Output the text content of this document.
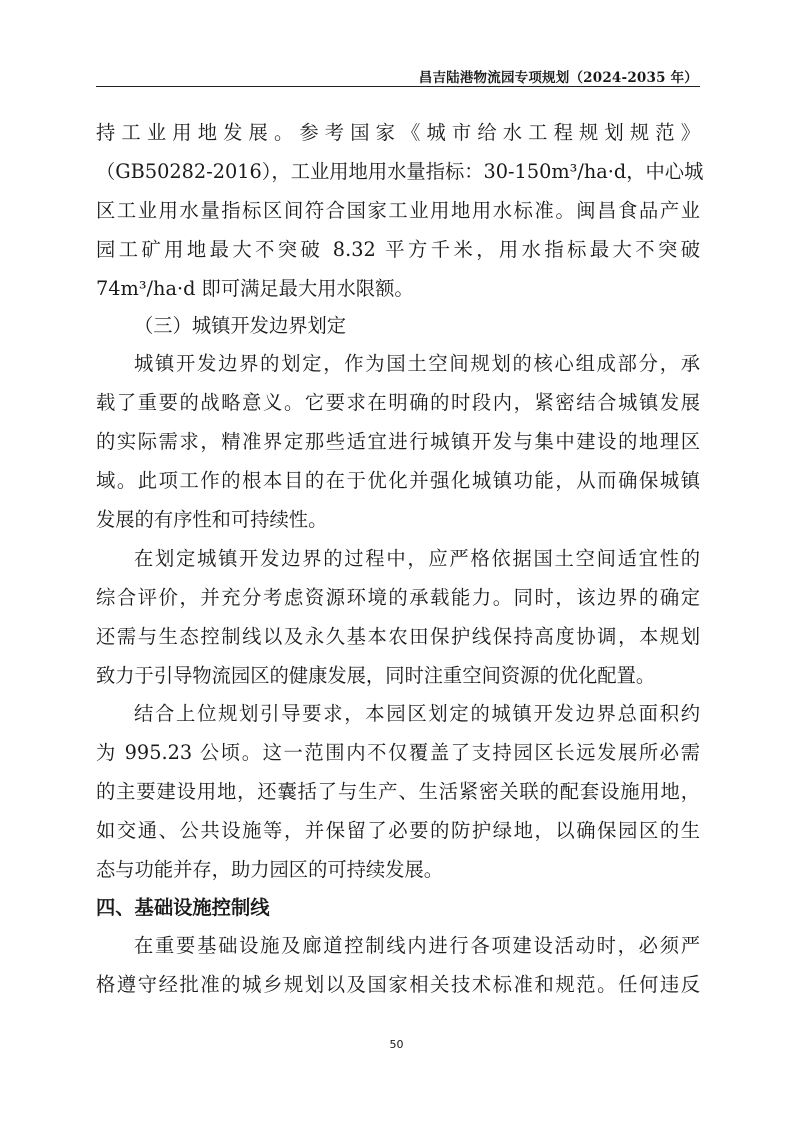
昌吉陆港物流园专项规划（2024-2035 年）
持工业用地发展。参考国家《城市给水工程规划规范》
（GB50282-2016），工业用地用水量指标：30-150m³/ha·d，中心城
区工业用水量指标区间符合国家工业用地用水标准。闽昌食品产业
园工矿用地最大不突破 8.32 平方千米，用水指标最大不突破
74m³/ha·d 即可满足最大用水限额。
（三）城镇开发边界划定
城镇开发边界的划定，作为国土空间规划的核心组成部分，承
载了重要的战略意义。它要求在明确的时段内，紧密结合城镇发展
的实际需求，精准界定那些适宜进行城镇开发与集中建设的地理区
域。此项工作的根本目的在于优化并强化城镇功能，从而确保城镇
发展的有序性和可持续性。
在划定城镇开发边界的过程中，应严格依据国土空间适宜性的
综合评价，并充分考虑资源环境的承载能力。同时，该边界的确定
还需与生态控制线以及永久基本农田保护线保持高度协调，本规划
致力于引导物流园区的健康发展，同时注重空间资源的优化配置。
结合上位规划引导要求，本园区划定的城镇开发边界总面积约
为 995.23 公顷。这一范围内不仅覆盖了支持园区长远发展所必需
的主要建设用地，还囊括了与生产、生活紧密关联的配套设施用地，
如交通、公共设施等，并保留了必要的防护绿地，以确保园区的生
态与功能并存，助力园区的可持续发展。
四、基础设施控制线
在重要基础设施及廊道控制线内进行各项建设活动时，必须严
格遵守经批准的城乡规划以及国家相关技术标准和规范。任何违反
50
